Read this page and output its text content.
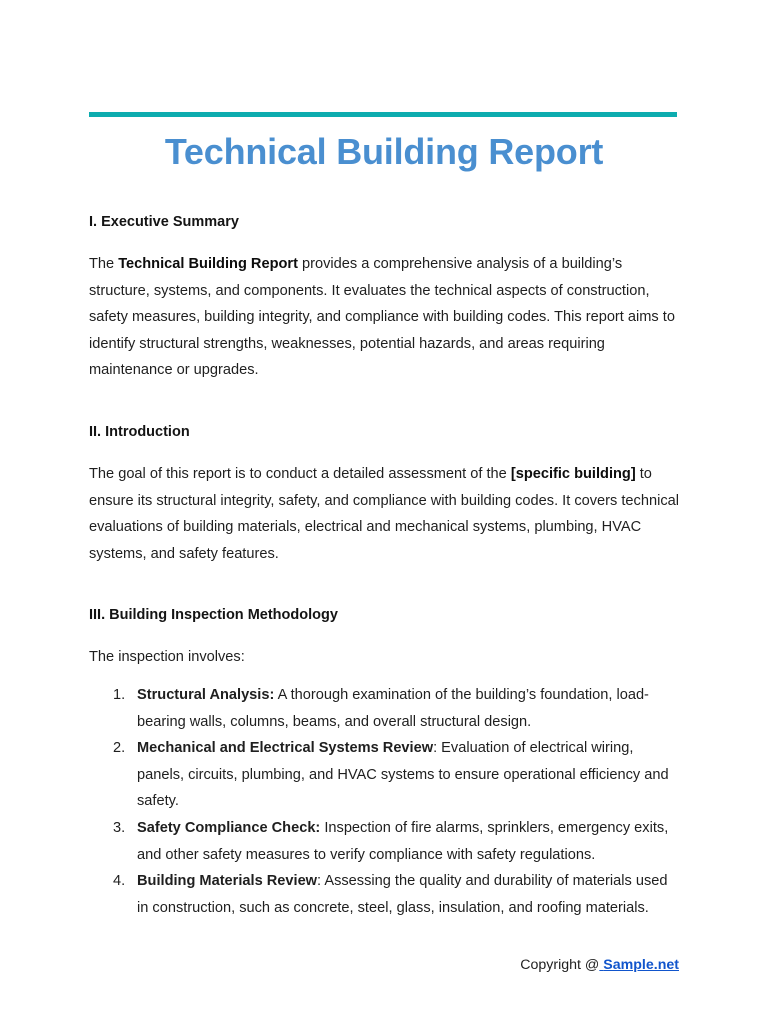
Technical Building Report
I. Executive Summary

The Technical Building Report provides a comprehensive analysis of a building’s structure, systems, and components. It evaluates the technical aspects of construction, safety measures, building integrity, and compliance with building codes. This report aims to identify structural strengths, weaknesses, potential hazards, and areas requiring maintenance or upgrades.

II. Introduction

The goal of this report is to conduct a detailed assessment of the [specific building] to ensure its structural integrity, safety, and compliance with building codes. It covers technical evaluations of building materials, electrical and mechanical systems, plumbing, HVAC systems, and safety features.

III. Building Inspection Methodology

The inspection involves:

Structural Analysis: A thorough examination of the building’s foundation, load-bearing walls, columns, beams, and overall structural design.
Mechanical and Electrical Systems Review: Evaluation of electrical wiring, panels, circuits, plumbing, and HVAC systems to ensure operational efficiency and safety.
Safety Compliance Check: Inspection of fire alarms, sprinklers, emergency exits, and other safety measures to verify compliance with safety regulations.
Building Materials Review: Assessing the quality and durability of materials used in construction, such as concrete, steel, glass, insulation, and roofing materials.
Copyright @ Sample.net
